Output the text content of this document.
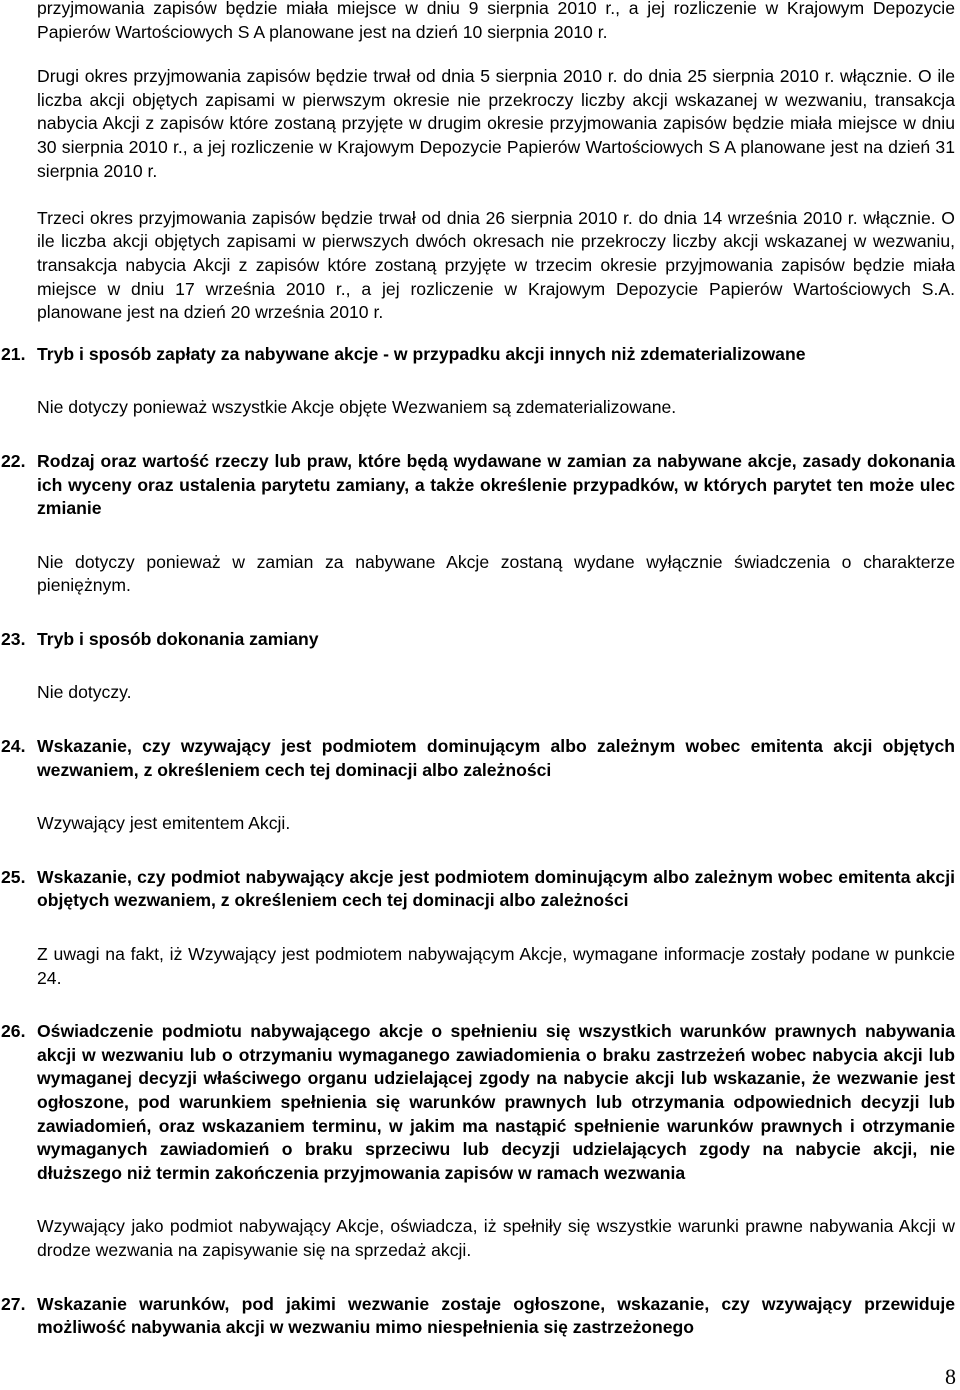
przyjmowania zapisów będzie miała miejsce w dniu 9 sierpnia 2010 r., a jej rozliczenie w Krajowym Depozycie Papierów Wartościowych S A planowane jest na dzień 10 sierpnia 2010 r.

Drugi okres przyjmowania zapisów będzie trwał od dnia 5 sierpnia 2010 r. do dnia 25 sierpnia 2010 r. włącznie. O ile liczba akcji objętych zapisami w pierwszym okresie nie przekroczy liczby akcji wskazanej w wezwaniu, transakcja nabycia Akcji z zapisów które zostaną przyjęte w drugim okresie przyjmowania zapisów będzie miała miejsce w dniu 30 sierpnia 2010 r., a jej rozliczenie w Krajowym Depozycie Papierów Wartościowych S A planowane jest na dzień 31 sierpnia 2010 r.

Trzeci okres przyjmowania zapisów będzie trwał od dnia 26 sierpnia 2010 r. do dnia 14 września 2010 r. włącznie. O ile liczba akcji objętych zapisami w pierwszych dwóch okresach nie przekroczy liczby akcji wskazanej w wezwaniu, transakcja nabycia Akcji z zapisów które zostaną przyjęte w trzecim okresie przyjmowania zapisów będzie miała miejsce w dniu 17 września 2010 r., a jej rozliczenie w Krajowym Depozycie Papierów Wartościowych S.A. planowane jest na dzień 20 września 2010 r.

21. Tryb i sposób zapłaty za nabywane akcje - w przypadku akcji innych niż zdematerializowane

Nie dotyczy ponieważ wszystkie Akcje objęte Wezwaniem są zdematerializowane.

22. Rodzaj oraz wartość rzeczy lub praw, które będą wydawane w zamian za nabywane akcje, zasady dokonania ich wyceny oraz ustalenia parytetu zamiany, a także określenie przypadków, w których parytet ten może ulec zmianie

Nie dotyczy ponieważ w zamian za nabywane Akcje zostaną wydane wyłącznie świadczenia o charakterze pieniężnym.

23. Tryb i sposób dokonania zamiany

Nie dotyczy.

24. Wskazanie, czy wzywający jest podmiotem dominującym albo zależnym wobec emitenta akcji objętych wezwaniem, z określeniem cech tej dominacji albo zależności

Wzywający jest emitentem Akcji.

25. Wskazanie, czy podmiot nabywający akcje jest podmiotem dominującym albo zależnym wobec emitenta akcji objętych wezwaniem, z określeniem cech tej dominacji albo zależności

Z uwagi na fakt, iż Wzywający jest podmiotem nabywającym Akcje, wymagane informacje zostały podane w punkcie 24.

26. Oświadczenie podmiotu nabywającego akcje o spełnieniu się wszystkich warunków prawnych nabywania akcji w wezwaniu lub o otrzymaniu wymaganego zawiadomienia o braku zastrzeżeń wobec nabycia akcji lub wymaganej decyzji właściwego organu udzielającej zgody na nabycie akcji lub wskazanie, że wezwanie jest ogłoszone, pod warunkiem spełnienia się warunków prawnych lub otrzymania odpowiednich decyzji lub zawiadomień, oraz wskazaniem terminu, w jakim ma nastąpić spełnienie warunków prawnych i otrzymanie wymaganych zawiadomień o braku sprzeciwu lub decyzji udzielających zgody na nabycie akcji, nie dłuższego niż termin zakończenia przyjmowania zapisów w ramach wezwania

Wzywający jako podmiot nabywający Akcje, oświadcza, iż spełniły się wszystkie warunki prawne nabywania Akcji w drodze wezwania na zapisywanie się na sprzedaż akcji.

27. Wskazanie warunków, pod jakimi wezwanie zostaje ogłoszone, wskazanie, czy wzywający przewiduje możliwość nabywania akcji w wezwaniu mimo niespełnienia się zastrzeżonego
8
